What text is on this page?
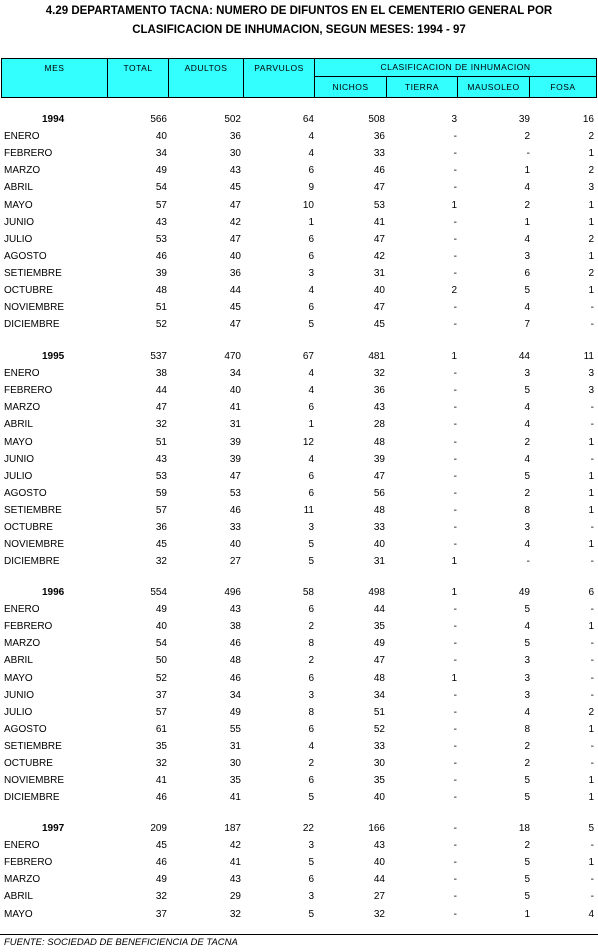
4.29 DEPARTAMENTO TACNA: NUMERO DE DIFUNTOS EN EL CEMENTERIO GENERAL POR
CLASIFICACION DE INHUMACION, SEGUN MESES: 1994 - 97
MES	TOTAL	ADULTOS	PARVULOS	CLASIFICACION DE INHUMACION
NICHOS	TIERRA	MAUSOLEO	FOSA
1994	566	502	64	508	3	39	16
ENERO	40	36	4	36	-	2	2
FEBRERO	34	30	4	33	-	-	1
MARZO	49	43	6	46	-	1	2
ABRIL	54	45	9	47	-	4	3
MAYO	57	47	10	53	1	2	1
JUNIO	43	42	1	41	-	1	1
JULIO	53	47	6	47	-	4	2
AGOSTO	46	40	6	42	-	3	1
SETIEMBRE	39	36	3	31	-	6	2
OCTUBRE	48	44	4	40	2	5	1
NOVIEMBRE	51	45	6	47	-	4	-
DICIEMBRE	52	47	5	45	-	7	-
1995	537	470	67	481	1	44	11
ENERO	38	34	4	32	-	3	3
FEBRERO	44	40	4	36	-	5	3
MARZO	47	41	6	43	-	4	-
ABRIL	32	31	1	28	-	4	-
MAYO	51	39	12	48	-	2	1
JUNIO	43	39	4	39	-	4	-
JULIO	53	47	6	47	-	5	1
AGOSTO	59	53	6	56	-	2	1
SETIEMBRE	57	46	11	48	-	8	1
OCTUBRE	36	33	3	33	-	3	-
NOVIEMBRE	45	40	5	40	-	4	1
DICIEMBRE	32	27	5	31	1	-	-
1996	554	496	58	498	1	49	6
ENERO	49	43	6	44	-	5	-
FEBRERO	40	38	2	35	-	4	1
MARZO	54	46	8	49	-	5	-
ABRIL	50	48	2	47	-	3	-
MAYO	52	46	6	48	1	3	-
JUNIO	37	34	3	34	-	3	-
JULIO	57	49	8	51	-	4	2
AGOSTO	61	55	6	52	-	8	1
SETIEMBRE	35	31	4	33	-	2	-
OCTUBRE	32	30	2	30	-	2	-
NOVIEMBRE	41	35	6	35	-	5	1
DICIEMBRE	46	41	5	40	-	5	1
1997	209	187	22	166	-	18	5
ENERO	45	42	3	43	-	2	-
FEBRERO	46	41	5	40	-	5	1
MARZO	49	43	6	44	-	5	-
ABRIL	32	29	3	27	-	5	-
MAYO	37	32	5	32	-	1	4
FUENTE: SOCIEDAD DE BENEFICIENCIA DE TACNA
